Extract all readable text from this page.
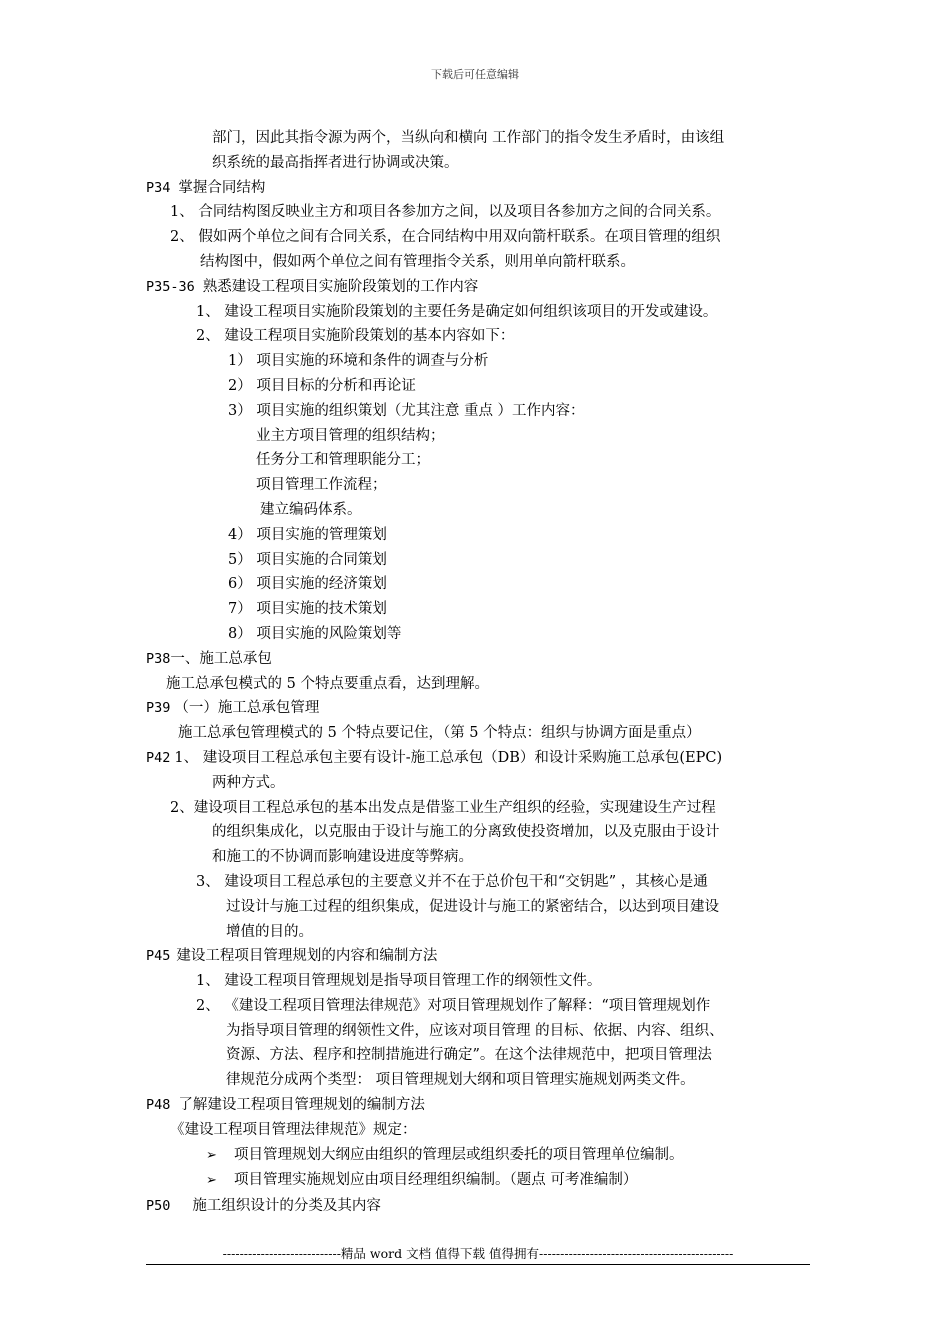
下载后可任意编辑

部门，因此其指令源为两个，当纵向和横向 工作部门的指令发生矛盾时，由该组

织系统的最高指挥者进行协调或决策。

P34 掌握合同结构

1、 合同结构图反映业主方和项目各参加方之间，以及项目各参加方之间的合同关系。

2、 假如两个单位之间有合同关系，在合同结构中用双向箭杆联系。在项目管理的组织

结构图中，假如两个单位之间有管理指令关系，则用单向箭杆联系。

P35-36 熟悉建设工程项目实施阶段策划的工作内容

1、 建设工程项目实施阶段策划的主要任务是确定如何组织该项目的开发或建设。

2、 建设工程项目实施阶段策划的基本内容如下：

1） 项目实施的环境和条件的调查与分析

2） 项目目标的分析和再论证

3） 项目实施的组织策划（尤其注意 重点 ）工作内容：

业主方项目管理的组织结构；

任务分工和管理职能分工；

项目管理工作流程；

建立编码体系。

4） 项目实施的管理策划

5） 项目实施的合同策划

6） 项目实施的经济策划

7） 项目实施的技术策划

8） 项目实施的风险策划等

P38一、施工总承包

施工总承包模式的 5 个特点要重点看，达到理解。

P39 （一）施工总承包管理

施工总承包管理模式的 5 个特点要记住，（第 5 个特点：组织与协调方面是重点）

P42 1、 建设项目工程总承包主要有设计-施工总承包（DB）和设计采购施工总承包(EPC)

两种方式。

2、建设项目工程总承包的基本出发点是借鉴工业生产组织的经验，实现建设生产过程

的组织集成化，以克服由于设计与施工的分离致使投资增加，以及克服由于设计

和施工的不协调而影响建设进度等弊病。

3、 建设项目工程总承包的主要意义并不在于总价包干和“交钥匙” ，其核心是通

过设计与施工过程的组织集成，促进设计与施工的紧密结合，以达到项目建设

增值的目的。

P45 建设工程项目管理规划的内容和编制方法

1、 建设工程项目管理规划是指导项目管理工作的纲领性文件。

2、 《建设工程项目管理法律规范》对项目管理规划作了解释：“项目管理规划作

为指导项目管理的纲领性文件，应该对项目管理 的目标、依据、内容、组织、

资源、方法、程序和控制措施进行确定”。在这个法律规范中，把项目管理法

律规范分成两个类型： 项目管理规划大纲和项目管理实施规划两类文件。

P48 了解建设工程项目管理规划的编制方法

《建设工程项目管理法律规范》规定：

➢ 项目管理规划大纲应由组织的管理层或组织委托的项目管理单位编制。

➢ 项目管理实施规划应由项目经理组织编制。（题点 可考准编制）

P50 施工组织设计的分类及其内容

----------------------------精品 word 文档 值得下载 值得拥有----------------------------------------------
